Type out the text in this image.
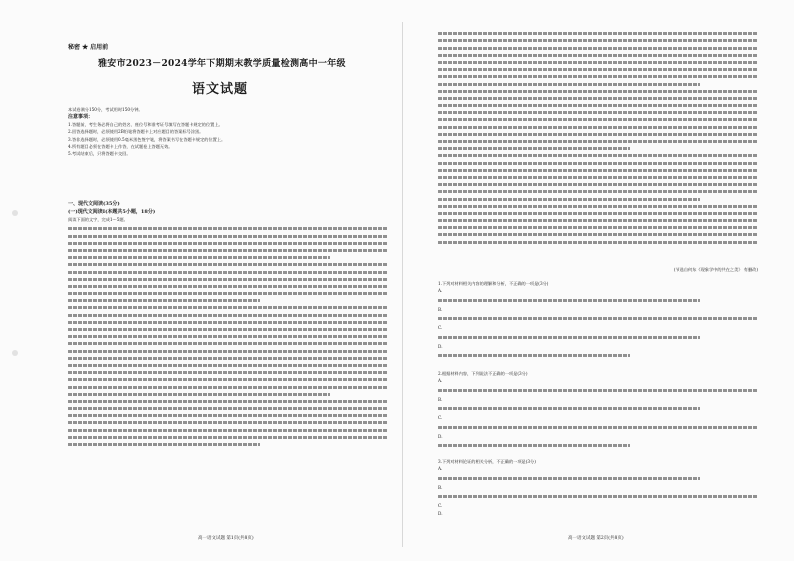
秘密 ★ 启用前
雅安市2023－2024学年下期期末教学质量检测高中一年级
语文试题
本试卷满分150分，考试用时150分钟。
注意事项：
1.答题前，考生务必将自己的姓名、座位号和准考证号填写在答题卡规定的位置上。
2.回答选择题时，必须使用2B铅笔将答题卡上对应题目的答案标号涂黑。
3.答非选择题时，必须使用0.5毫米黑色签字笔，将答案书写在答题卡规定的位置上。
4.所有题目必须在答题卡上作答，在试题卷上答题无效。
5.考试结束后，只将答题卡交回。
一、现代文阅读(35分)
(一)现代文阅读Ⅰ(本题共5小题，18分)
阅读下面的文字，完成1～5题。
高一语文试题 第1页(共8页)
(节选自何东《现象学中的共在之美》 有删改)
1.下列对材料相关内容的理解和分析，不正确的一项是(3分)
A.
B.
C.
D.
2.根据材料内容，下列说法不正确的一项是(3分)
A.
B.
C.
D.
3.下列对材料论证的相关分析，不正确的一项是(3分)
A.
B.
C.
D.
高一语文试题 第2页(共8页)
